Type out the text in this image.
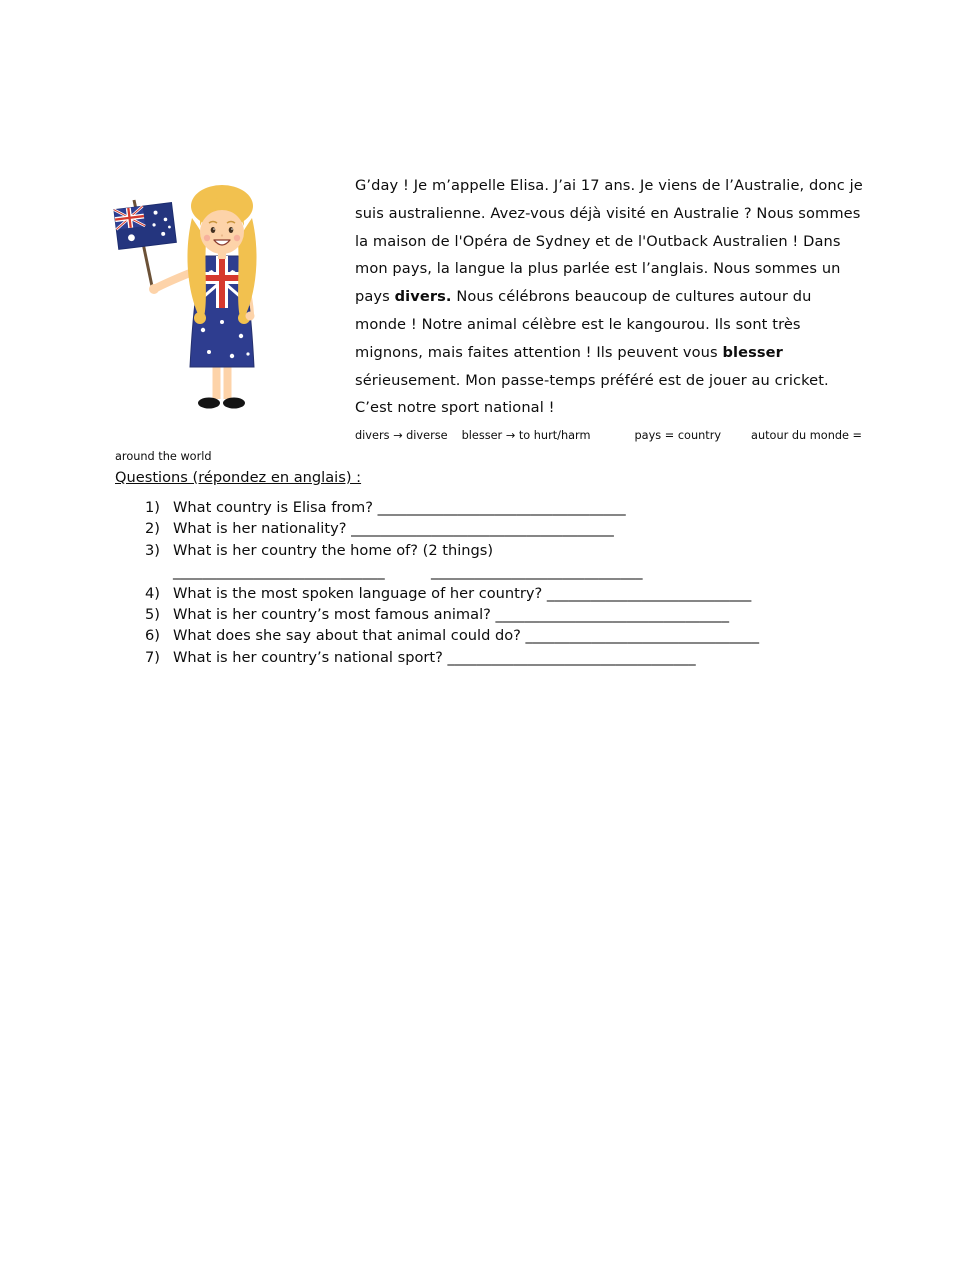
G’day ! Je m’appelle Elisa. J’ai 17 ans. Je viens de l’Australie, donc je suis australienne. Avez-vous déjà visité en Australie ? Nous sommes la maison de l'Opéra de Sydney et de l'Outback Australien ! Dans mon pays, la langue la plus parlée est l’anglais. Nous sommes un pays divers. Nous célébrons beaucoup de cultures autour du monde ! Notre animal célèbre est le kangourou. Ils sont très mignons, mais faites attention ! Ils peuvent vous blesser sérieusement. Mon passe-temps préféré est de jouer au cricket. C’est notre sport national !
divers → diverse blesser → to hurt/harm	pays = country	autour du monde =
around the world
Questions (répondez en anglais) :
1) What country is Elisa from? __________________________________
2) What is her nationality? ____________________________________
3) What is her country the home of? (2 things)
_____________________________          _____________________________
4) What is the most spoken language of her country? ____________________________
5) What is her country’s most famous animal? ________________________________
6) What does she say about that animal could do? ________________________________
7) What is her country’s national sport? __________________________________
